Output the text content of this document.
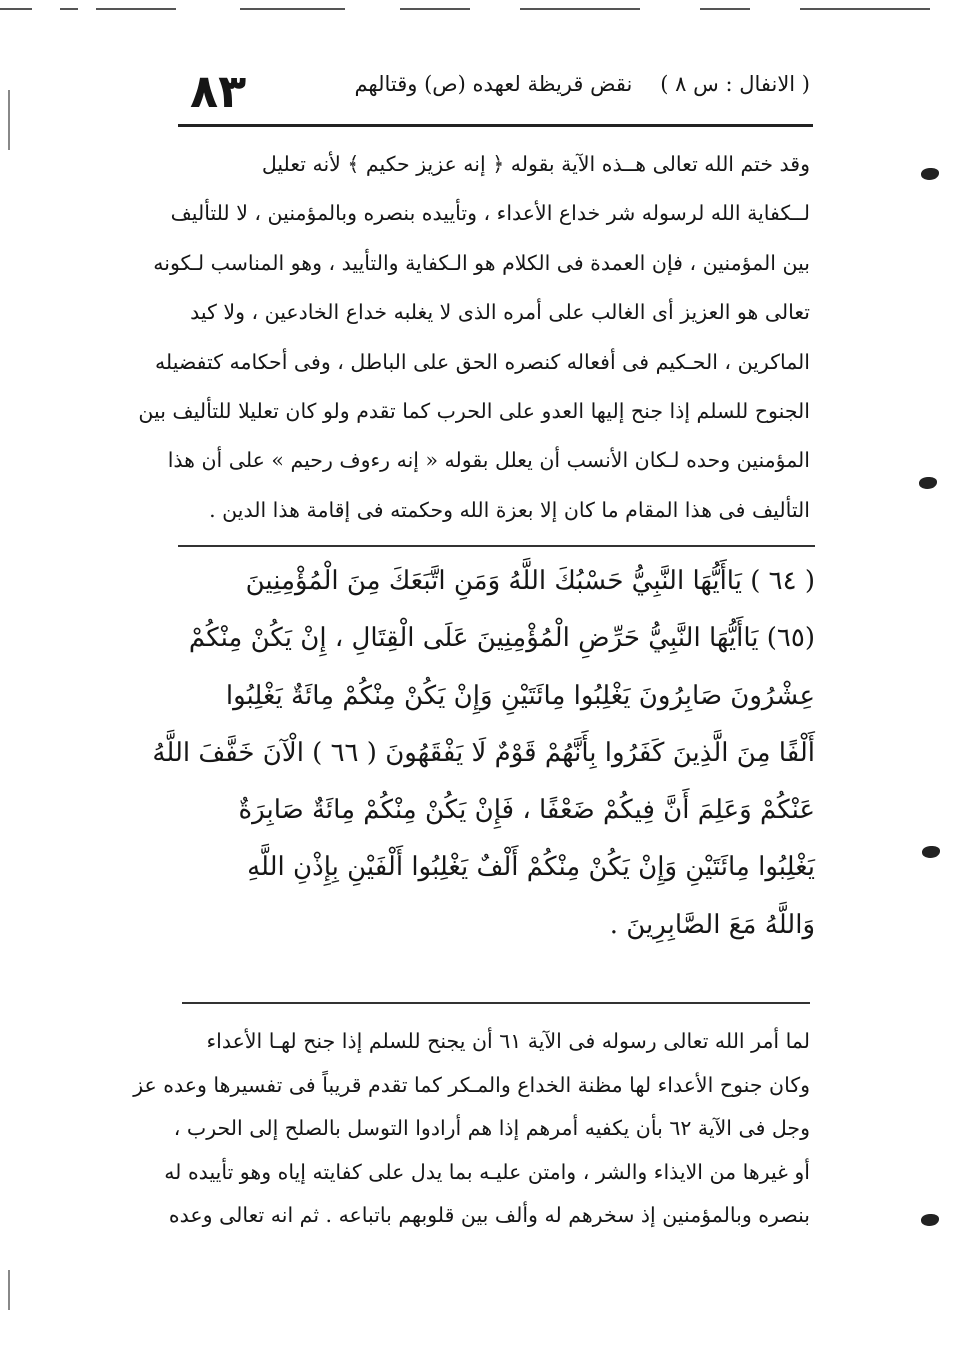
٨٣	( الانفال : س ٨ )
نقض قريظة لعهده (ص) وقتالهم
وقد ختم الله تعالى هــذه الآية بقوله ﴿ إنه عزيز حكيم ﴾ لأنه تعليل
لــكفاية الله لرسوله شر خداع الأعداء ، وتأييده بنصره وبالمؤمنين ، لا للتأليف
بين المؤمنين ، فإن العمدة فى الكلام هو الـكفاية والتأييد ، وهو المناسب لـكونه
تعالى هو العزيز أى الغالب على أمره الذى لا يغلبه خداع الخادعين ، ولا كيد
الماكرين ، الحـكيم فى أفعاله كنصره الحق على الباطل ، وفى أحكامه كتفضيله
الجنوح للسلم إذا جنح إليها العدو على الحرب كما تقدم ولو كان تعليلا للتأليف بين
المؤمنين وحده لـكان الأنسب أن يعلل بقوله « إنه رءوف رحيم » على أن هذا
التأليف فى هذا المقام ما كان إلا بعزة الله وحكمته فى إقامة هذا الدين .
( ٦٤ ) يَاأَيُّهَا النَّبِيُّ حَسْبُكَ اللَّهُ وَمَنِ اتَّبَعَكَ مِنَ الْمُؤْمِنِينَ
(٦٥) يَاأَيُّهَا النَّبِيُّ حَرِّضِ الْمُؤْمِنِينَ عَلَى الْقِتَالِ ، إِنْ يَكُنْ مِنْكُمْ
عِشْرُونَ صَابِرُونَ يَغْلِبُوا مِائَتَيْنِ وَإِنْ يَكُنْ مِنْكُمْ مِائَةٌ يَغْلِبُوا
أَلْفًا مِنَ الَّذِينَ كَفَرُوا بِأَنَّهُمْ قَوْمٌ لَا يَفْقَهُونَ ( ٦٦ ) الْآنَ خَفَّفَ اللَّهُ
عَنْكُمْ وَعَلِمَ أَنَّ فِيكُمْ ضَعْفًا ، فَإِنْ يَكُنْ مِنْكُمْ مِائَةٌ صَابِرَةٌ
يَغْلِبُوا مِائَتَيْنِ وَإِنْ يَكُنْ مِنْكُمْ أَلْفٌ يَغْلِبُوا أَلْفَيْنِ بِإِذْنِ اللَّهِ
وَاللَّهُ مَعَ الصَّابِرِينَ .
لما أمر الله تعالى رسوله فى الآية ٦١ أن يجنح للسلم إذا جنح لهـا الأعداء
وكان جنوح الأعداء لها مظنة الخداع والمـكر كما تقدم قريباً فى تفسيرها وعده عز
وجل فى الآية ٦٢ بأن يكفيه أمرهم إذا هم أرادوا التوسل بالصلح إلى الحرب ،
أو غيرها من الايذاء والشر ، وامتن عليـه بما يدل على كفايته إياه وهو تأييده له
بنصره وبالمؤمنين إذ سخرهم له وألف بين قلوبهم باتباعه . ثم انه تعالى وعده
